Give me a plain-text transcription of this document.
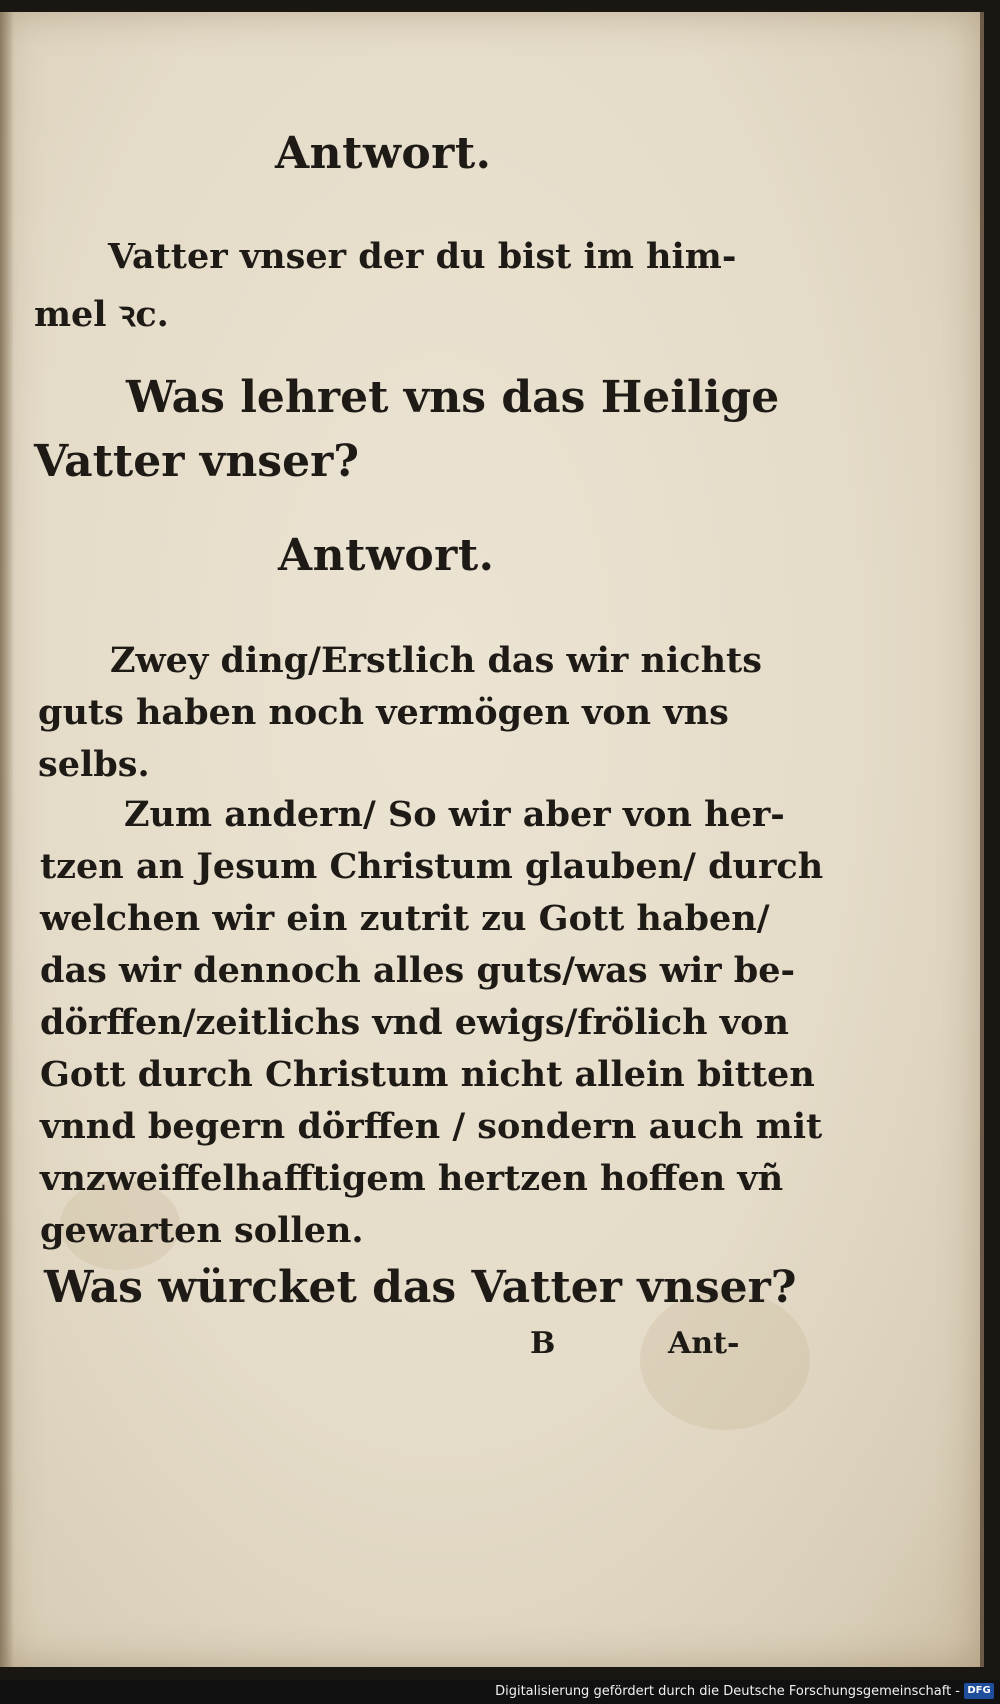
Antwort.
Vatter vnser der du bist im him-
mel ꝛc.
Was lehret vns das Heilige
Vatter vnser?
Antwort.
Zwey ding/Erstlich das wir nichts
guts haben noch vermögen von vns
selbs.
Zum andern/ So wir aber von her-
tzen an Jesum Christum glauben/ durch
welchen wir ein zutrit zu Gott haben/
das wir dennoch alles guts/was wir be-
dörffen/zeitlichs vnd ewigs/frölich von
Gott durch Christum nicht allein bitten
vnnd begern dörffen / sondern auch mit
vnzweiffelhafftigem hertzen hoffen vñ
gewarten sollen.
Was würcket das Vatter vnser?
B	Ant-
Digitalisierung gefördert durch die Deutsche Forschungsgemeinschaft - DFG
